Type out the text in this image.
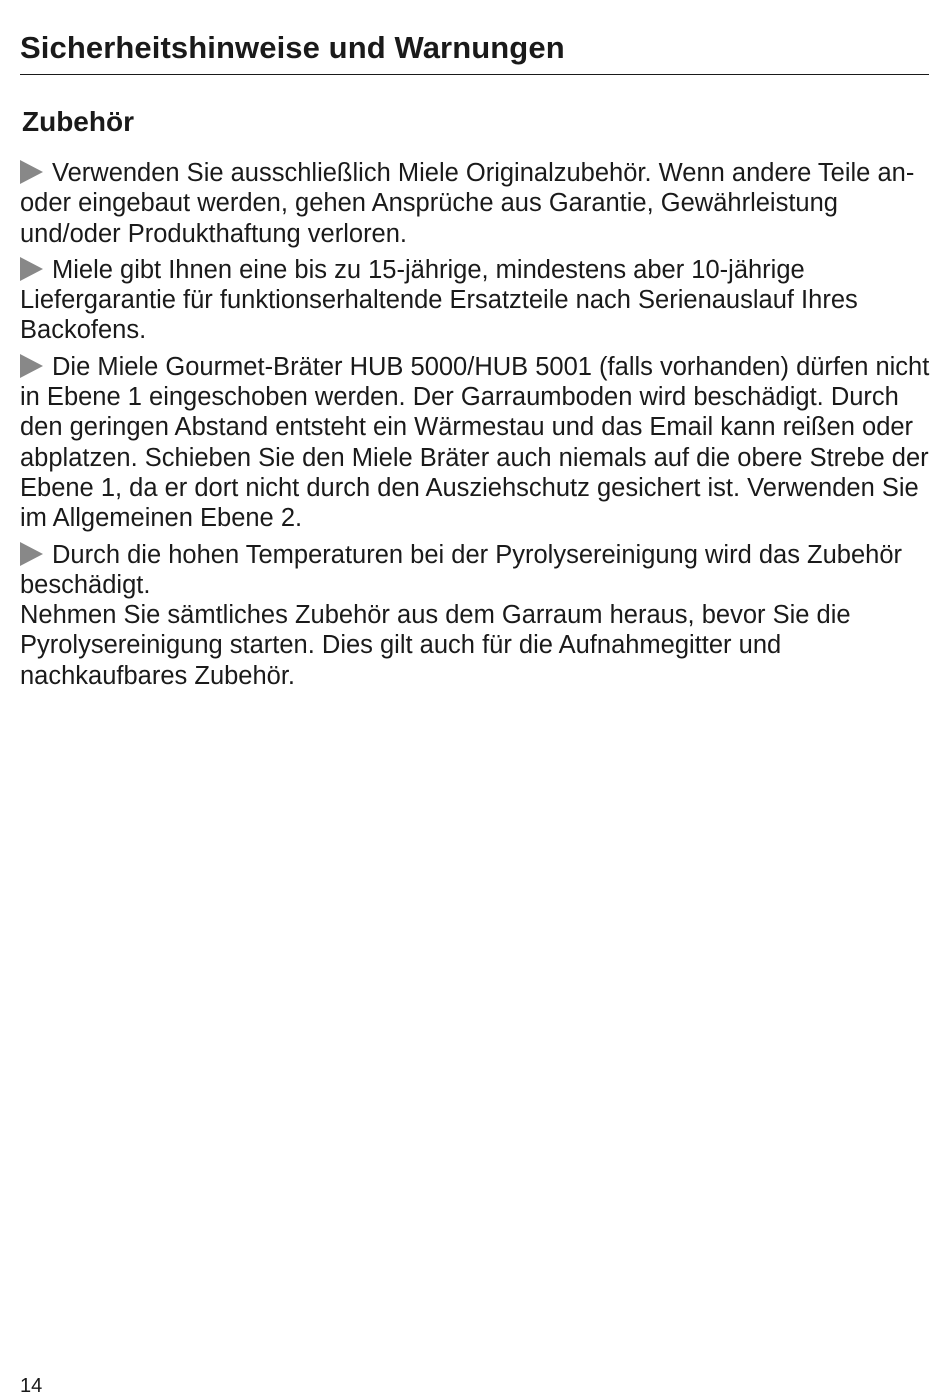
Sicherheitshinweise und Warnungen
Zubehör

Verwenden Sie ausschließlich Miele Originalzubehör. Wenn andere Teile an- oder eingebaut werden, gehen Ansprüche aus Garantie, Gewährleistung und/oder Produkthaftung verloren.

Miele gibt Ihnen eine bis zu 15-jährige, mindestens aber 10-jährige Liefergarantie für funktionserhaltende Ersatzteile nach Serienauslauf Ihres Backofens.

Die Miele Gourmet-Bräter HUB 5000/HUB 5001 (falls vorhanden) dürfen nicht in Ebene 1 eingeschoben werden. Der Garraumboden wird beschädigt. Durch den geringen Abstand entsteht ein Wärmestau und das Email kann reißen oder abplatzen. Schieben Sie den Miele Bräter auch niemals auf die obere Strebe der Ebene 1, da er dort nicht durch den Ausziehschutz gesichert ist. Verwenden Sie im Allgemeinen Ebene 2.

Durch die hohen Temperaturen bei der Pyrolysereinigung wird das Zubehör beschädigt.

Nehmen Sie sämtliches Zubehör aus dem Garraum heraus, bevor Sie die Pyrolysereinigung starten. Dies gilt auch für die Aufnahmegitter und nachkaufbares Zubehör.
14
